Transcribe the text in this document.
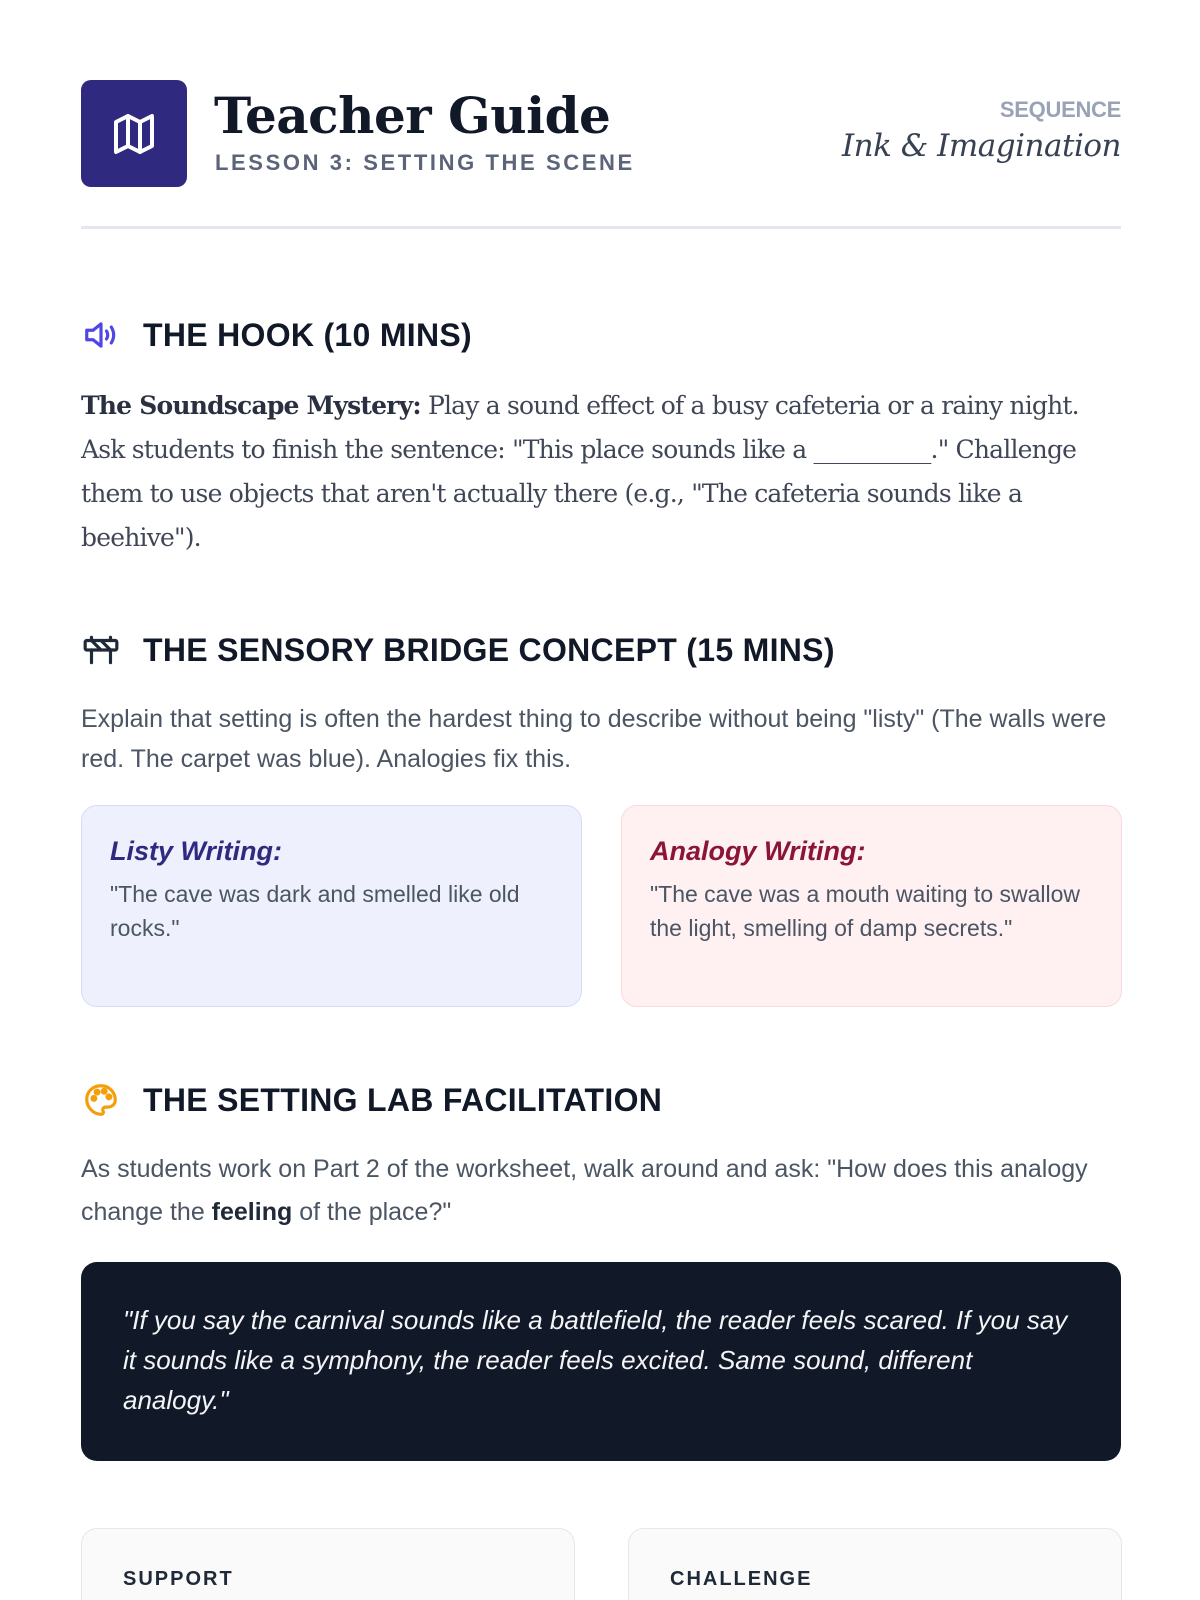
Teacher Guide
LESSON 3: SETTING THE SCENE
SEQUENCE
Ink & Imagination
THE HOOK (10 MINS)

The Soundscape Mystery: Play a sound effect of a busy cafeteria or a rainy night. Ask students to finish the sentence: "This place sounds like a __________." Challenge them to use objects that aren't actually there (e.g., "The cafeteria sounds like a beehive").

THE SENSORY BRIDGE CONCEPT (15 MINS)

Explain that setting is often the hardest thing to describe without being "listy" (The walls were red. The carpet was blue). Analogies fix this.

Listy Writing:
"The cave was dark and smelled like old rocks."
Analogy Writing:
"The cave was a mouth waiting to swallow the light, smelling of damp secrets."
THE SETTING LAB FACILITATION

As students work on Part 2 of the worksheet, walk around and ask: "How does this analogy change the feeling of the place?"

"If you say the carnival sounds like a battlefield, the reader feels scared. If you say it sounds like a symphony, the reader feels excited. Same sound, different analogy."

SUPPORT	CHALLENGE
